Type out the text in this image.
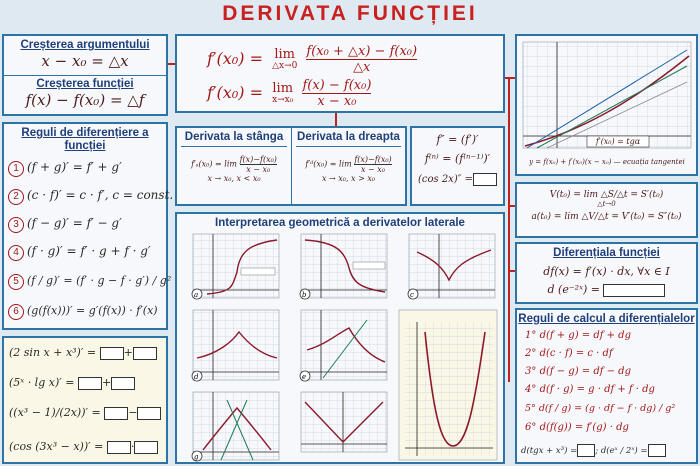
DERIVATA FUNCȚIEI
Creșterea argumentului
x − x₀ = △x
Creșterea funcției
f(x) − f(x₀) = △f
f′(x₀) = lim
△x→0
$\frac{\text{f(x₀ + △x) − f(x₀)}}{\triangle x}$
f′(x₀) = lim
x→x₀
$\frac{\text{f(x) − f(x₀)}}{\text{x − x₀}}$
Reguli de diferențiere a funcției
1 (f + g)′ = f′ + g′
2 (c · f)′ = c · f′, c = const.
3 (f − g)′ = f′ − g′
4 (f · g)′ = f′ · g + f · g′
5 (f / g)′ = (f′ · g − f · g′) / g²
6 (g(f(x)))′ = g′(f(x)) · f′(x)
(2 sin x + x³)′ =	+
(5ˣ · lg x)′ =	+
((x³ − 1)/(2x))′ =	−
(cos (3x³ − x))′ =	·
Derivata la stânga
$f'_s(x_0) = \lim \frac{\text{f(x)−f(x₀)}}{\text{x − x₀}}$
x → x₀, x < x₀
Derivata la dreapta
f′ᵈ(x₀) = $\lim \frac{\text{f(x)−f(x₀)}}{\text{x − x₀}}$
x → x₀, x > x₀
f″ = (f′)′
f⁽ⁿ⁾ = (f⁽ⁿ⁻¹⁾)′
(cos 2x)″ =
Interpretarea geometrică a derivatelor laterale
a	b	c
d	e
g
f′(x₀) = tgα
y = f(x₀) + f′(x₀)(x − x₀) — ecuația tangentei
V(t₀) = lim △S/△t = S′(t₀)
△t→0
a(t₀) = lim △V/△t = V′(t₀) = S″(t₀)
Diferențiala funcției
df(x) = f′(x) · dx, ∀x ∈ I
d (e⁻²ˣ) =
Reguli de calcul a diferențialelor
1° d(f + g) = df + dg
2° d(c · f) = c · df
3° d(f − g) = df − dg
4° d(f · g) = g · df + f · dg
5° d(f / g) = (g · df − f · dg) / g²
6° d(f(g)) = f′(g) · dg
d(tgx + x³) = ; d(eˣ / 2ˣ) =
